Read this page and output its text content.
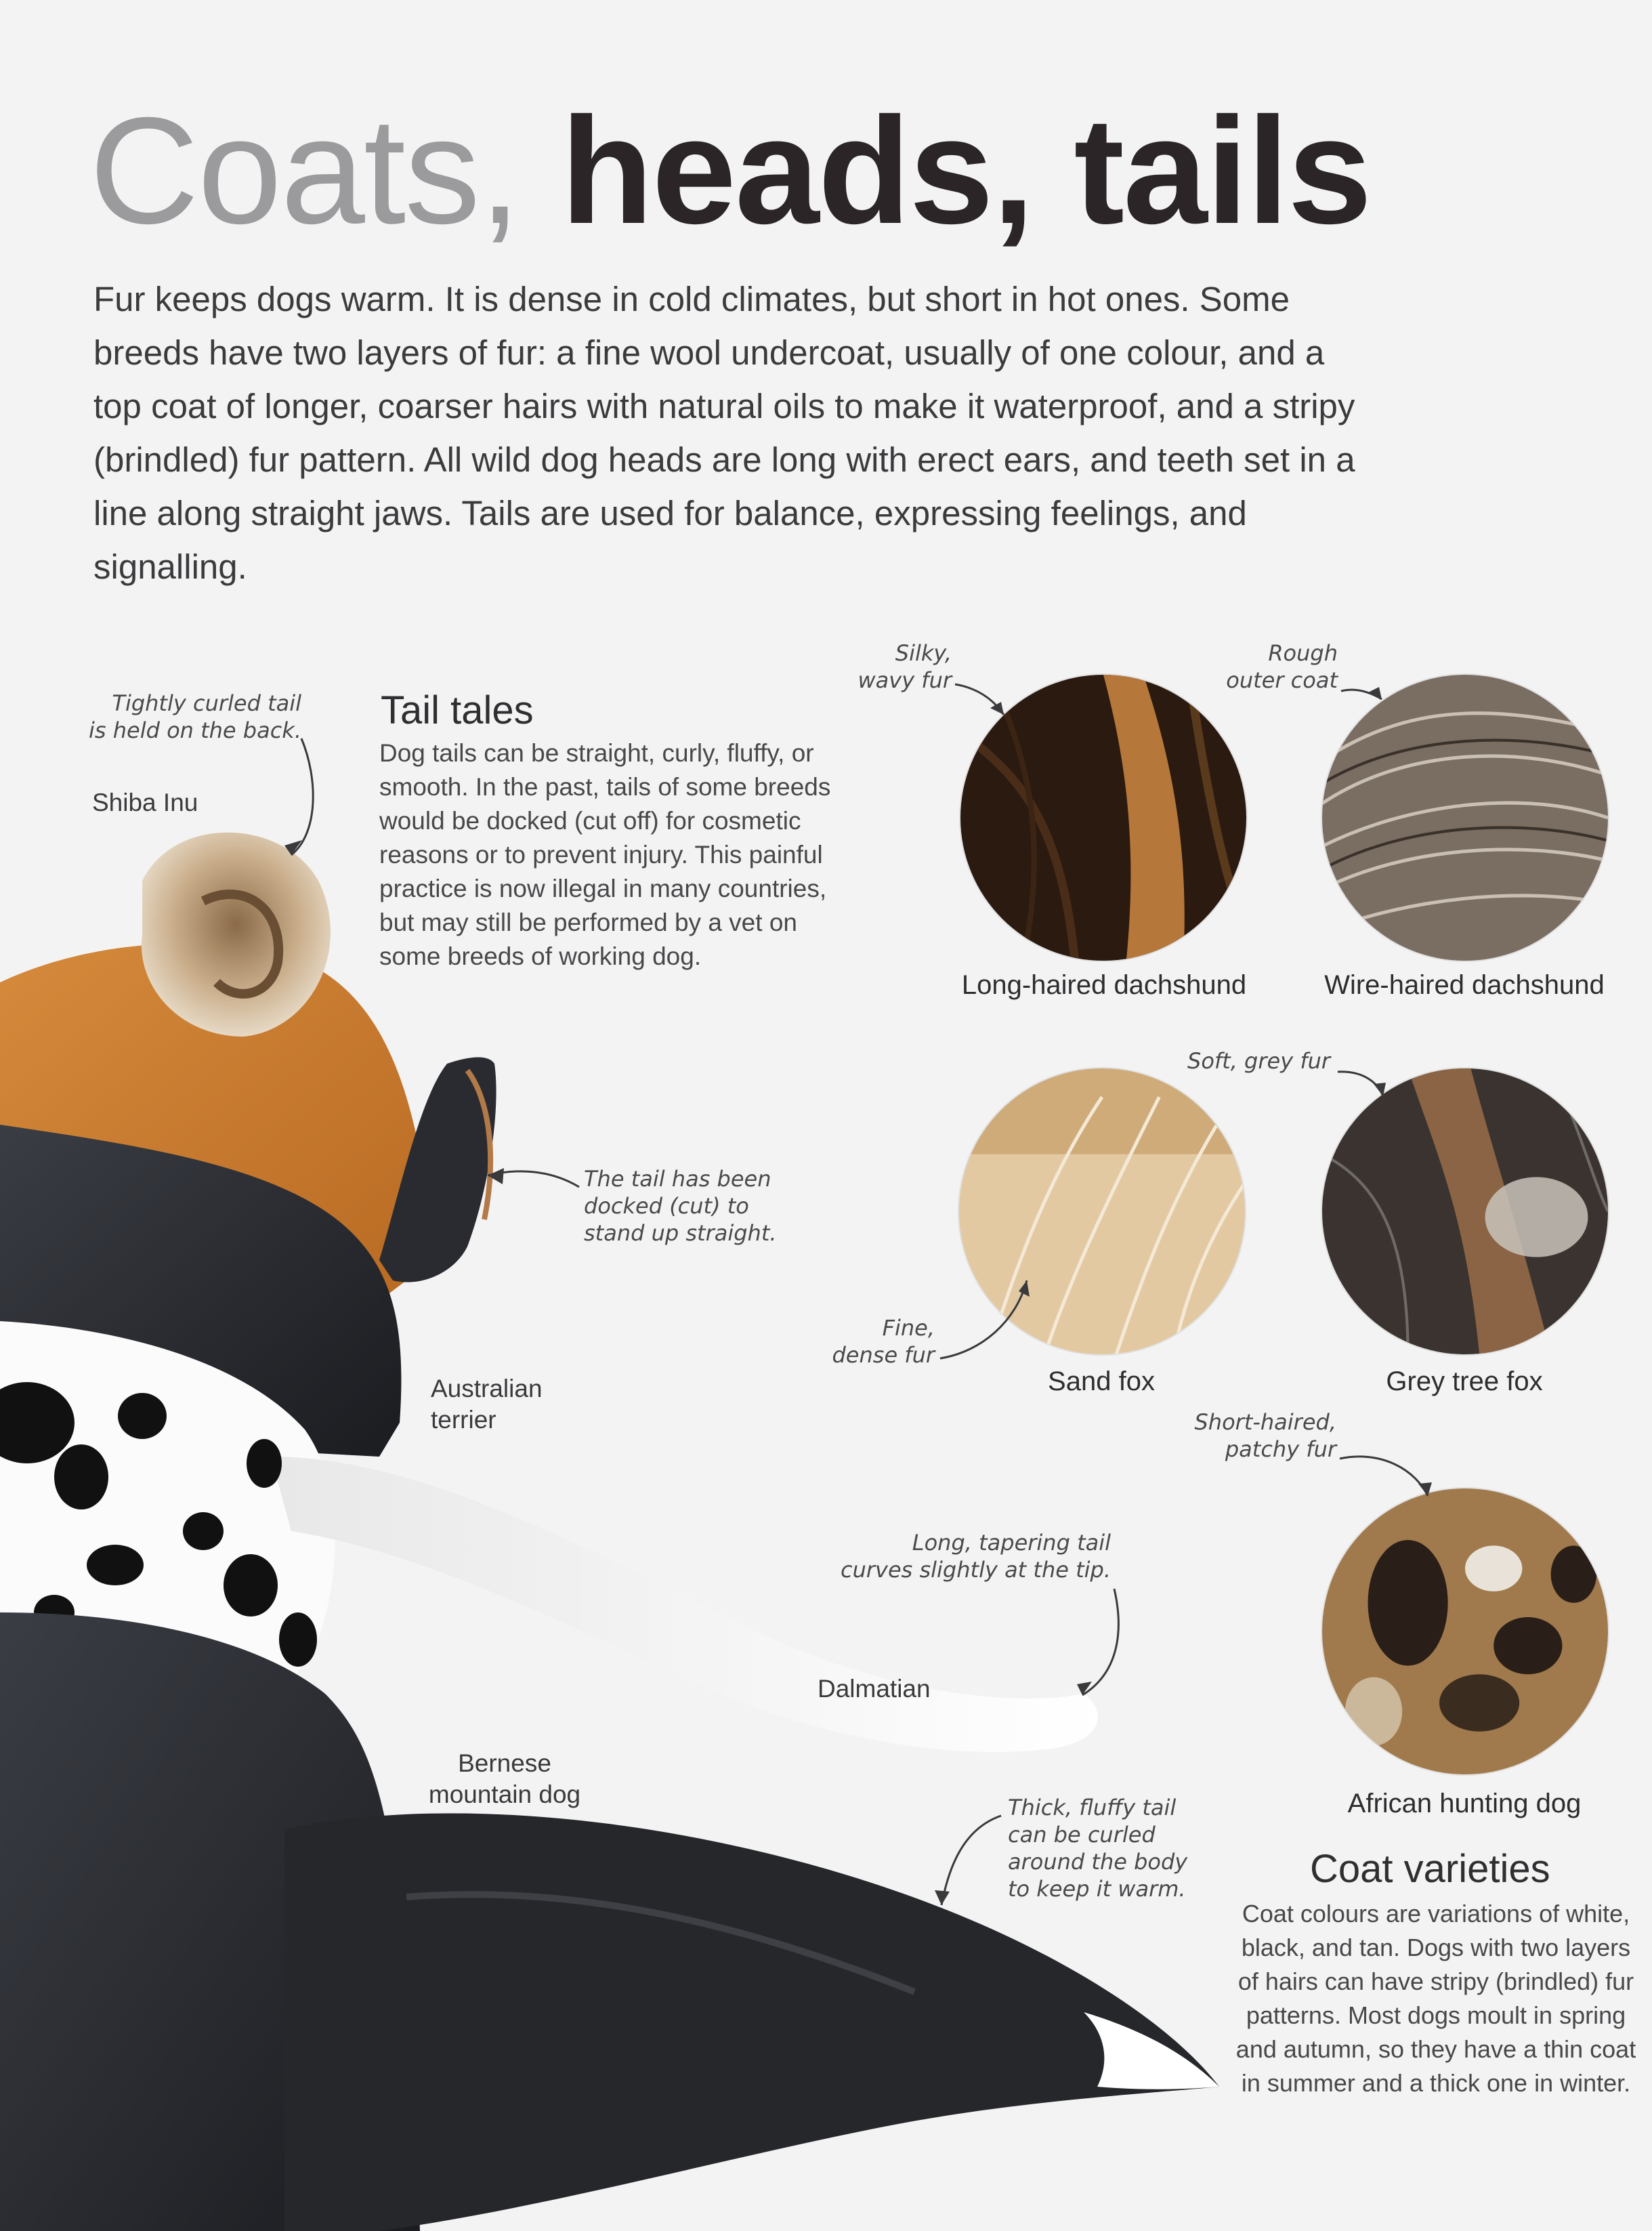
Coats, heads, tails
Fur keeps dogs warm. It is dense in cold climates, but short in hot ones. Some breeds have two layers of fur: a fine wool undercoat, usually of one colour, and a top coat of longer, coarser hairs with natural oils to make it waterproof, and a stripy (brindled) fur pattern. All wild dog heads are long with erect ears, and teeth set in a line along straight jaws. Tails are used for balance, expressing feelings, and signalling.
Tail tales
Dog tails can be straight, curly, fluffy, or smooth. In the past, tails of some breeds would be docked (cut off) for cosmetic reasons or to prevent injury. This painful practice is now illegal in many countries, but may still be performed by a vet on some breeds of working dog.
Tightly curled tail
is held on the back.
Shiba Inu
The tail has been
docked (cut) to
stand up straight.
Australian
terrier
Long, tapering tail
curves slightly at the tip.
Dalmatian
Bernese
mountain dog	Thick, fluffy tail
can be curled
around the body
to keep it warm.
Long-haired dachshund	Wire-haired dachshund
Sand fox	Grey tree fox
African hunting dog
Silky,
wavy fur
Rough
outer coat
Fine,
dense fur
Soft, grey fur
Short-haired,
patchy fur
Coat varieties
Coat colours are variations of white, black, and tan. Dogs with two layers of hairs can have stripy (brindled) fur patterns. Most dogs moult in spring and autumn, so they have a thin coat in summer and a thick one in winter.
